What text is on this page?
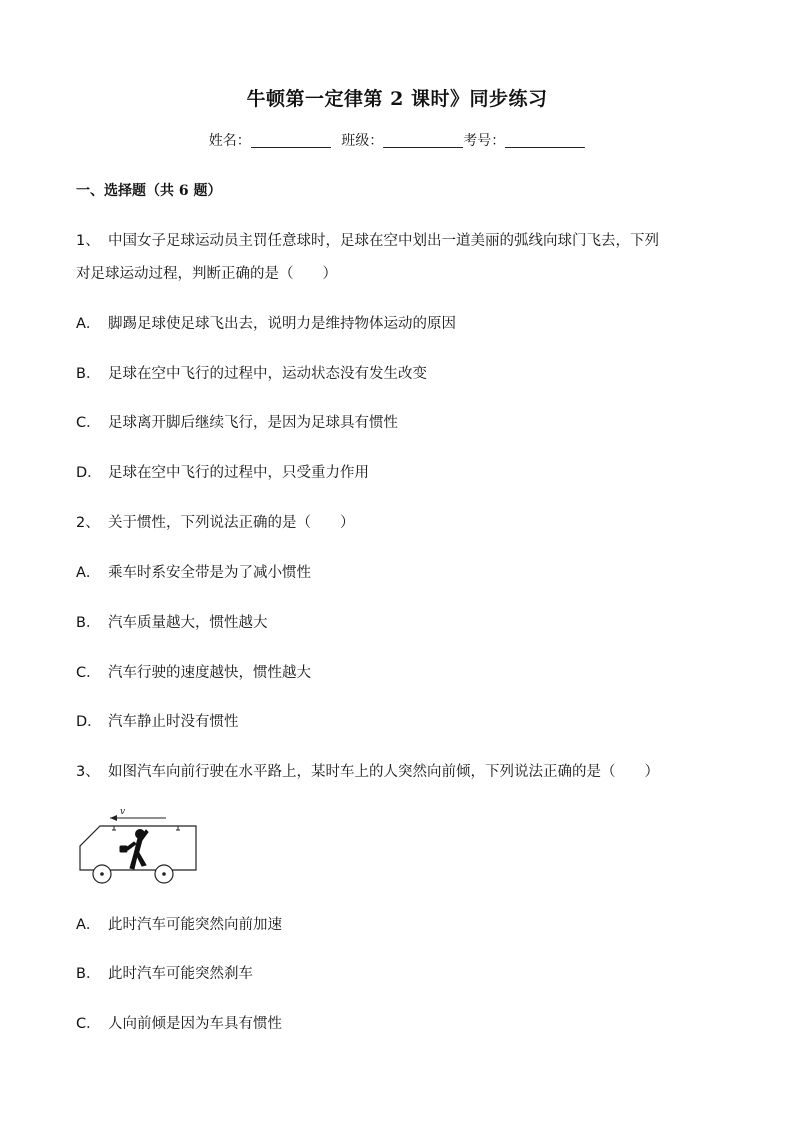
牛顿第一定律第 2 课时》同步练习
姓名：	班级：	考号：
一、选择题（共 6 题）
1、 中国女子足球运动员主罚任意球时，足球在空中划出一道美丽的弧线向球门飞去，下列
对足球运动过程，判断正确的是（　　）
A． 脚踢足球使足球飞出去，说明力是维持物体运动的原因
B． 足球在空中飞行的过程中，运动状态没有发生改变
C． 足球离开脚后继续飞行，是因为足球具有惯性
D． 足球在空中飞行的过程中，只受重力作用
2、 关于惯性，下列说法正确的是（　　）
A． 乘车时系安全带是为了减小惯性
B． 汽车质量越大，惯性越大
C． 汽车行驶的速度越快，惯性越大
D． 汽车静止时没有惯性
3、 如图汽车向前行驶在水平路上，某时车上的人突然向前倾，下列说法正确的是（　　）
v
A． 此时汽车可能突然向前加速
B． 此时汽车可能突然刹车
C． 人向前倾是因为车具有惯性
